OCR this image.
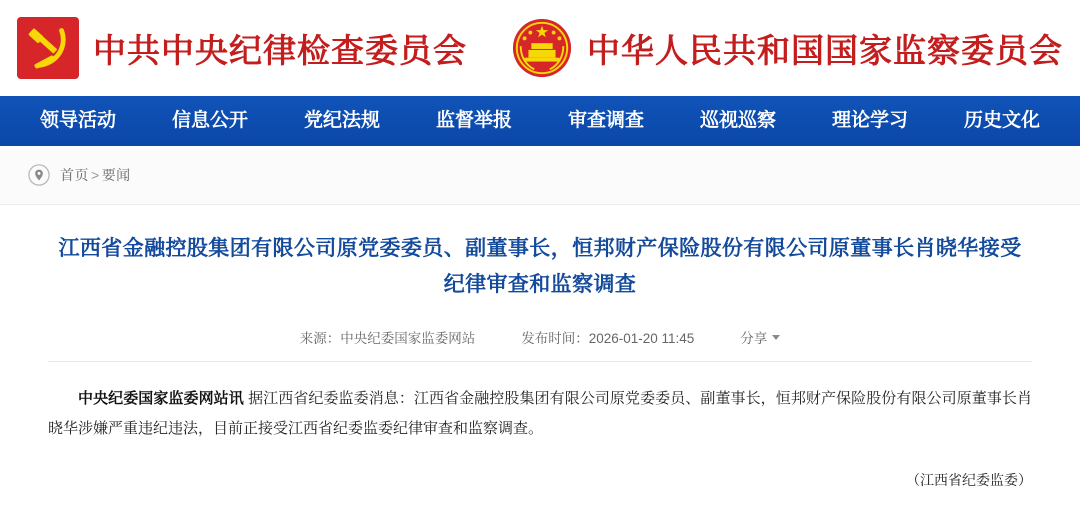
中共中央纪律检查委员会	中华人民共和国国家监察委员会
领导活动	信息公开	党纪法规	监督举报	审查调查	巡视巡察	理论学习	历史文化
首页 > 要闻
江西省金融控股集团有限公司原党委委员、副董事长，恒邦财产保险股份有限公司原董事长肖晓华接受纪律审查和监察调查
来源：中央纪委国家监委网站	发布时间：2026-01-20 11:45	分享
中央纪委国家监委网站讯 据江西省纪委监委消息：江西省金融控股集团有限公司原党委委员、副董事长，恒邦财产保险股份有限公司原董事长肖晓华涉嫌严重违纪违法，目前正接受江西省纪委监委纪律审查和监察调查。
（江西省纪委监委）
